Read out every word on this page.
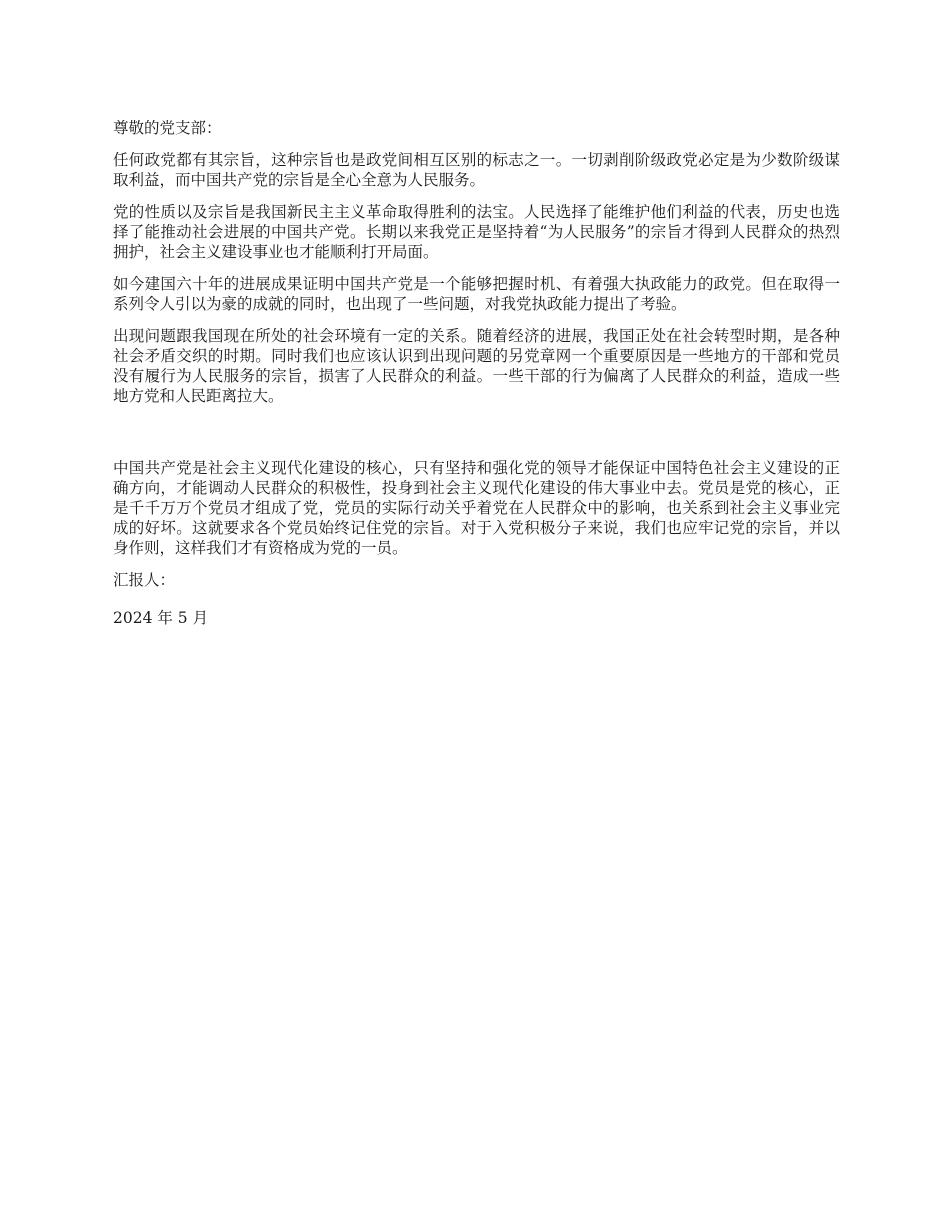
尊敬的党支部：

任何政党都有其宗旨，这种宗旨也是政党间相互区别的标志之一。一切剥削阶级政党必定是为少数阶级谋取利益，而中国共产党的宗旨是全心全意为人民服务。

党的性质以及宗旨是我国新民主主义革命取得胜利的法宝。人民选择了能维护他们利益的代表，历史也选择了能推动社会进展的中国共产党。长期以来我党正是坚持着“为人民服务”的宗旨才得到人民群众的热烈拥护，社会主义建设事业也才能顺利打开局面。

如今建国六十年的进展成果证明中国共产党是一个能够把握时机、有着强大执政能力的政党。但在取得一系列令人引以为豪的成就的同时，也出现了一些问题，对我党执政能力提出了考验。

出现问题跟我国现在所处的社会环境有一定的关系。随着经济的进展，我国正处在社会转型时期，是各种社会矛盾交织的时期。同时我们也应该认识到出现问题的另党章网一个重要原因是一些地方的干部和党员没有履行为人民服务的宗旨，损害了人民群众的利益。一些干部的行为偏离了人民群众的利益，造成一些地方党和人民距离拉大。

中国共产党是社会主义现代化建设的核心，只有坚持和强化党的领导才能保证中国特色社会主义建设的正确方向，才能调动人民群众的积极性，投身到社会主义现代化建设的伟大事业中去。党员是党的核心，正是千千万万个党员才组成了党，党员的实际行动关乎着党在人民群众中的影响，也关系到社会主义事业完成的好坏。这就要求各个党员始终记住党的宗旨。对于入党积极分子来说，我们也应牢记党的宗旨，并以身作则，这样我们才有资格成为党的一员。

汇报人：

2024 年 5 月
